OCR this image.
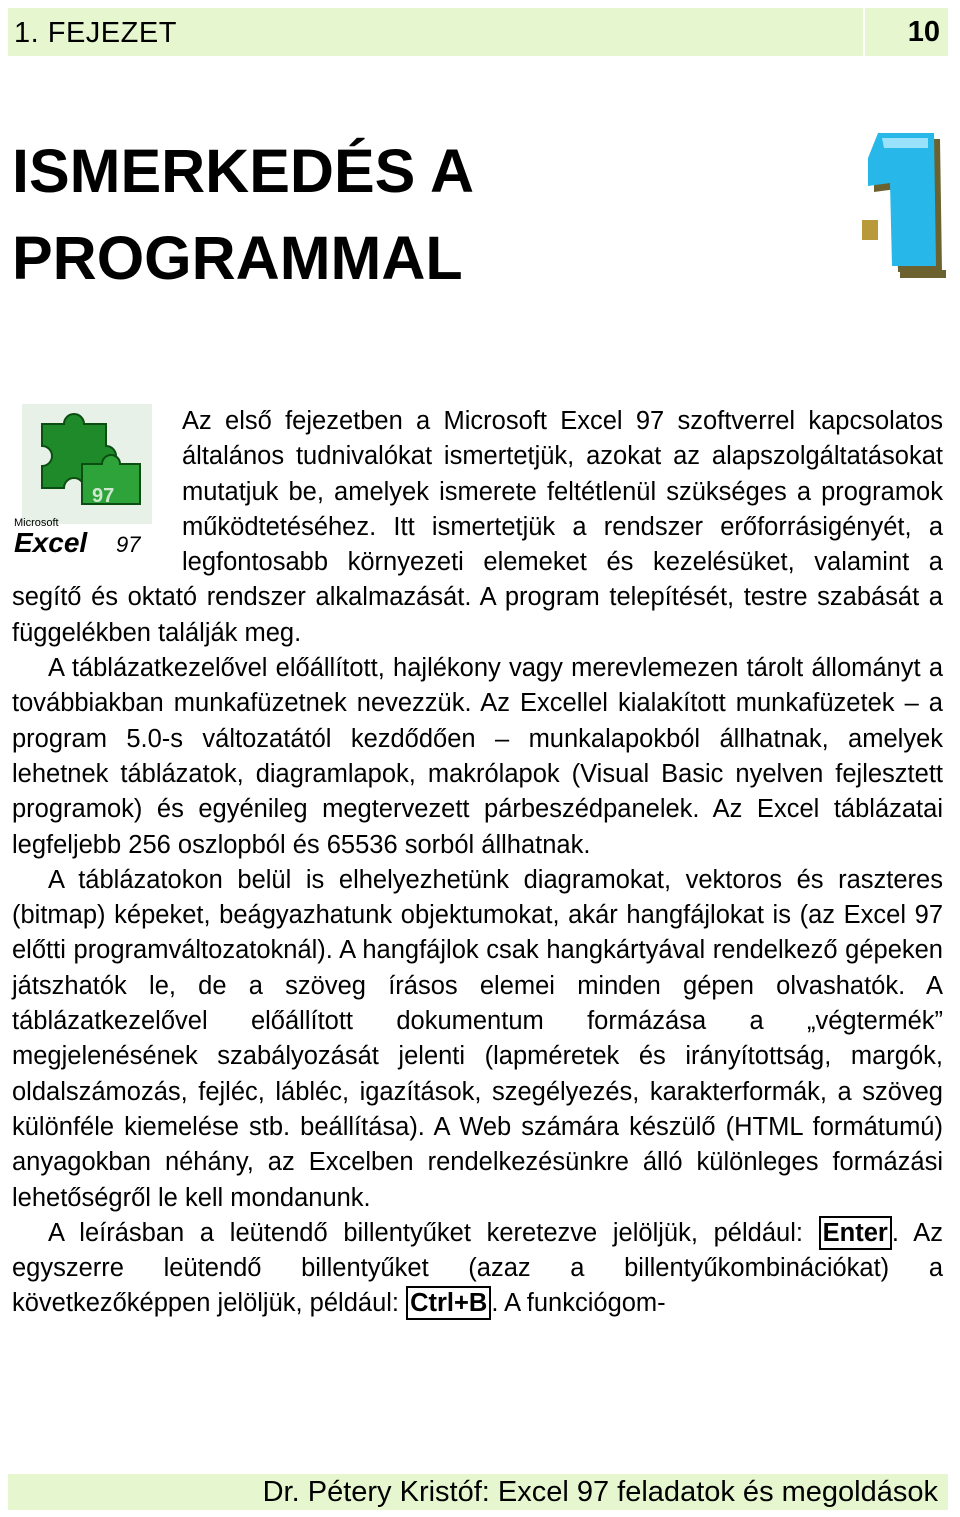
1. FEJEZET	10
ISMERKEDÉS A
PROGRAMMAL
97
Microsoft
Excel 97

Az első fejezetben a Microsoft Excel 97 szoftverrel kapcsolatos általános tudnivalókat ismertetjük, azokat az alapszolgáltatásokat mutatjuk be, amelyek ismerete feltétlenül szükséges a programok működtetéséhez. Itt ismertetjük a rendszer erőforrásigényét, a legfontosabb környezeti elemeket és kezelésüket, valamint a segítő és oktató rendszer alkalmazását. A program telepítését, testre szabását a függelékben találják meg.

A táblázatkezelővel előállított, hajlékony vagy merevlemezen tárolt állományt a továbbiakban munkafüzetnek nevezzük. Az Excellel kialakított munkafüzetek – a program 5.0-s változatától kezdődően – munkalapokból állhatnak, amelyek lehetnek táblázatok, diagramlapok, makrólapok (Visual Basic nyelven fejlesztett programok) és egyénileg megtervezett párbeszédpanelek. Az Excel táblázatai legfeljebb 256 oszlopból és 65536 sorból állhatnak.

A táblázatokon belül is elhelyezhetünk diagramokat, vektoros és raszteres (bitmap) képeket, beágyazhatunk objektumokat, akár hangfájlokat is (az Excel 97 előtti programváltozatoknál). A hangfájlok csak hangkártyával rendelkező gépeken játszhatók le, de a szöveg írásos elemei minden gépen olvashatók. A táblázatkezelővel előállított dokumentum formázása a „végtermék” megjelenésének szabályozását jelenti (lapméretek és irányítottság, margók, oldalszámozás, fejléc, lábléc, igazítások, szegélyezés, karakterformák, a szöveg különféle kiemelése stb. beállítása). A Web számára készülő (HTML formátumú) anyagokban néhány, az Excelben rendelkezésünkre álló különleges formázási lehetőségről le kell mondanunk.

A leírásban a leütendő billentyűket keretezve jelöljük, például: Enter . Az egyszerre leütendő billentyűket (azaz a billentyűkombinációkat) a következőképpen jelöljük, például: Ctrl+B . A funkciógom-

Dr. Pétery Kristóf: Excel 97 feladatok és megoldások
